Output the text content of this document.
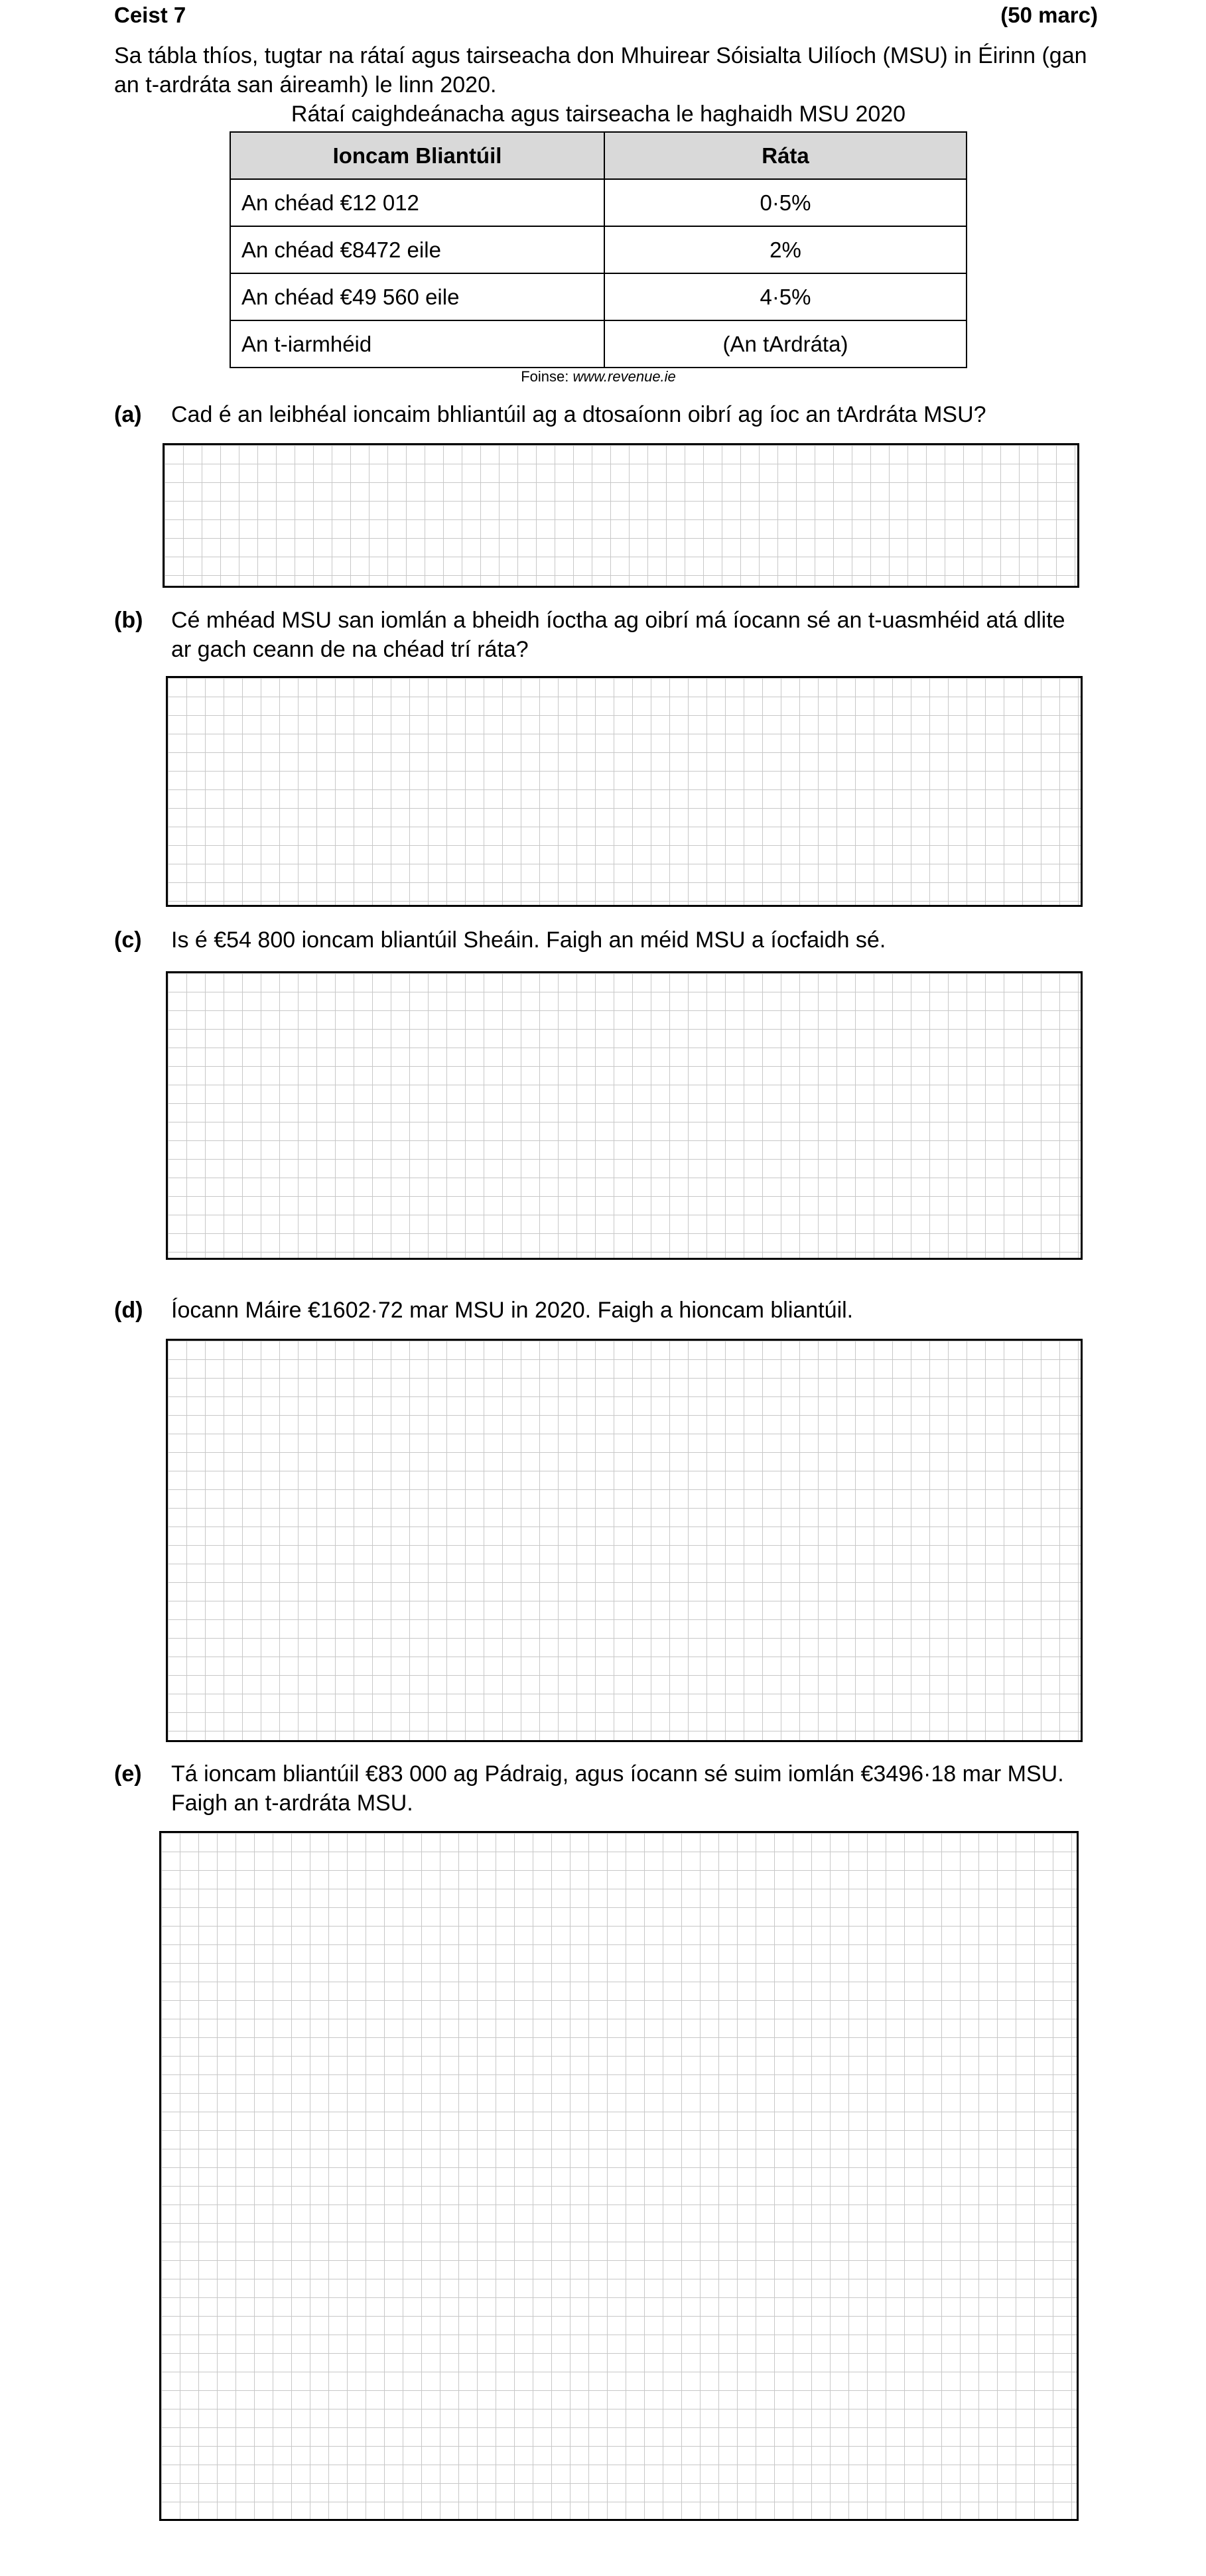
Ceist 7	(50 marc)
Sa tábla thíos, tugtar na rátaí agus tairseacha don Mhuirear Sóisialta Uilíoch (MSU) in Éirinn (gan an t-ardráta san áireamh) le linn 2020.
Rátaí caighdeánacha agus tairseacha le haghaidh MSU 2020
Ioncam Bliantúil	Ráta
An chéad €12 012	0·5%
An chéad €8472 eile	2%
An chéad €49 560 eile	4·5%
An t-iarmhéid	(An tArdráta)
Foinse: www.revenue.ie
(a) Cad é an leibhéal ioncaim bhliantúil ag a dtosaíonn oibrí ag íoc an tArdráta MSU?
(b) Cé mhéad MSU san iomlán a bheidh íoctha ag oibrí má íocann sé an t-uasmhéid atá dlite ar gach ceann de na chéad trí ráta?
(c) Is é €54 800 ioncam bliantúil Sheáin. Faigh an méid MSU a íocfaidh sé.
(d) Íocann Máire €1602·72 mar MSU in 2020. Faigh a hioncam bliantúil.
(e) Tá ioncam bliantúil €83 000 ag Pádraig, agus íocann sé suim iomlán €3496·18 mar MSU. Faigh an t-ardráta MSU.
